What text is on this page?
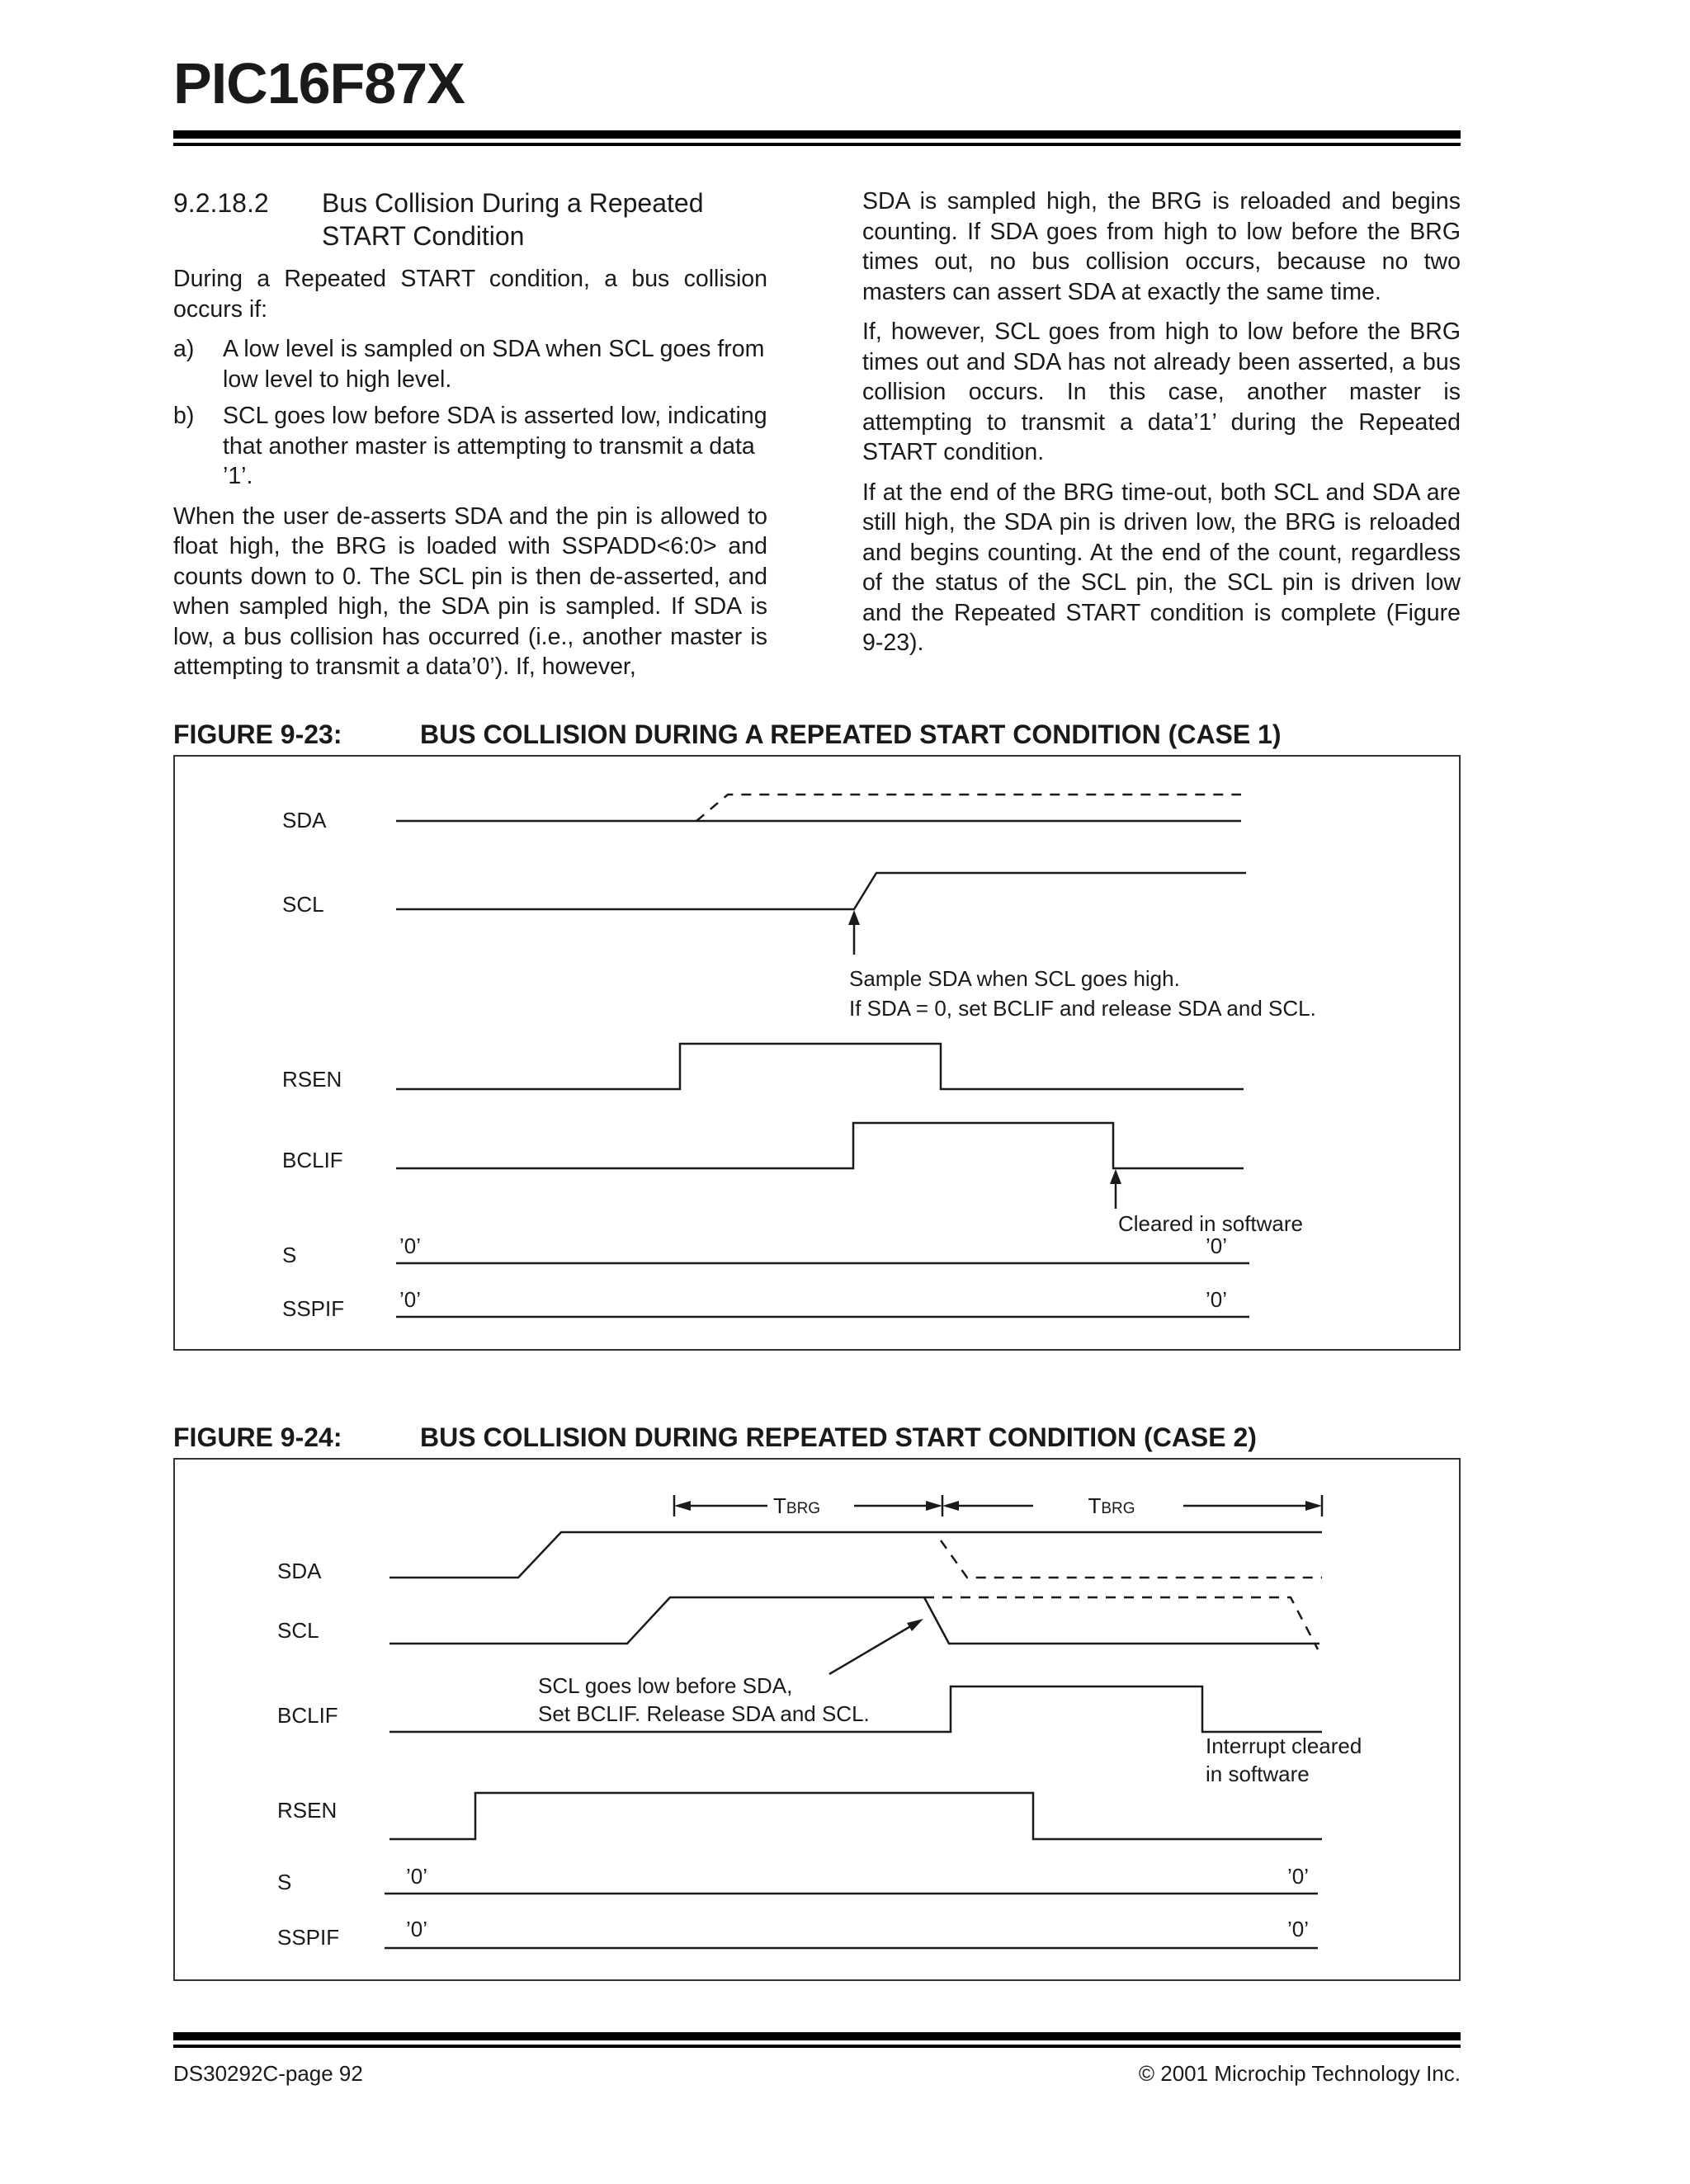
PIC16F87X
9.2.18.2	Bus Collision During a Repeated
START Condition

During a Repeated START condition, a bus collision occurs if:

a)	A low level is sampled on SDA when SCL goes from low level to high level.
b)	SCL goes low before SDA is asserted low, indicating that another master is attempting to transmit a data ’1’.

When the user de-asserts SDA and the pin is allowed to float high, the BRG is loaded with SSPADD<6:0> and counts down to 0. The SCL pin is then de-asserted, and when sampled high, the SDA pin is sampled. If SDA is low, a bus collision has occurred (i.e., another master is attempting to transmit a data’0’). If, however,

SDA is sampled high, the BRG is reloaded and begins counting. If SDA goes from high to low before the BRG times out, no bus collision occurs, because no two masters can assert SDA at exactly the same time.

If, however, SCL goes from high to low before the BRG times out and SDA has not already been asserted, a bus collision occurs. In this case, another master is attempting to transmit a data’1’ during the Repeated START condition.

If at the end of the BRG time-out, both SCL and SDA are still high, the SDA pin is driven low, the BRG is reloaded and begins counting. At the end of the count, regardless of the status of the SCL pin, the SCL pin is driven low and the Repeated START condition is complete (Figure 9-23).

FIGURE 9-23:	BUS COLLISION DURING A REPEATED START CONDITION (CASE 1)
SDA
SCL
RSEN
BCLIF
S
SSPIF
Sample SDA when SCL goes high.
If SDA = 0, set BCLIF and release SDA and SCL.
Cleared in software
’0’	’0’
’0’	’0’
FIGURE 9-24:	BUS COLLISION DURING REPEATED START CONDITION (CASE 2)
TBRG	TBRG
SDA
SCL
BCLIF
RSEN
S
SSPIF
SCL goes low before SDA,
Set BCLIF. Release SDA and SCL.
Interrupt cleared
in software
’0’	’0’
’0’	’0’
DS30292C-page 92	© 2001 Microchip Technology Inc.
